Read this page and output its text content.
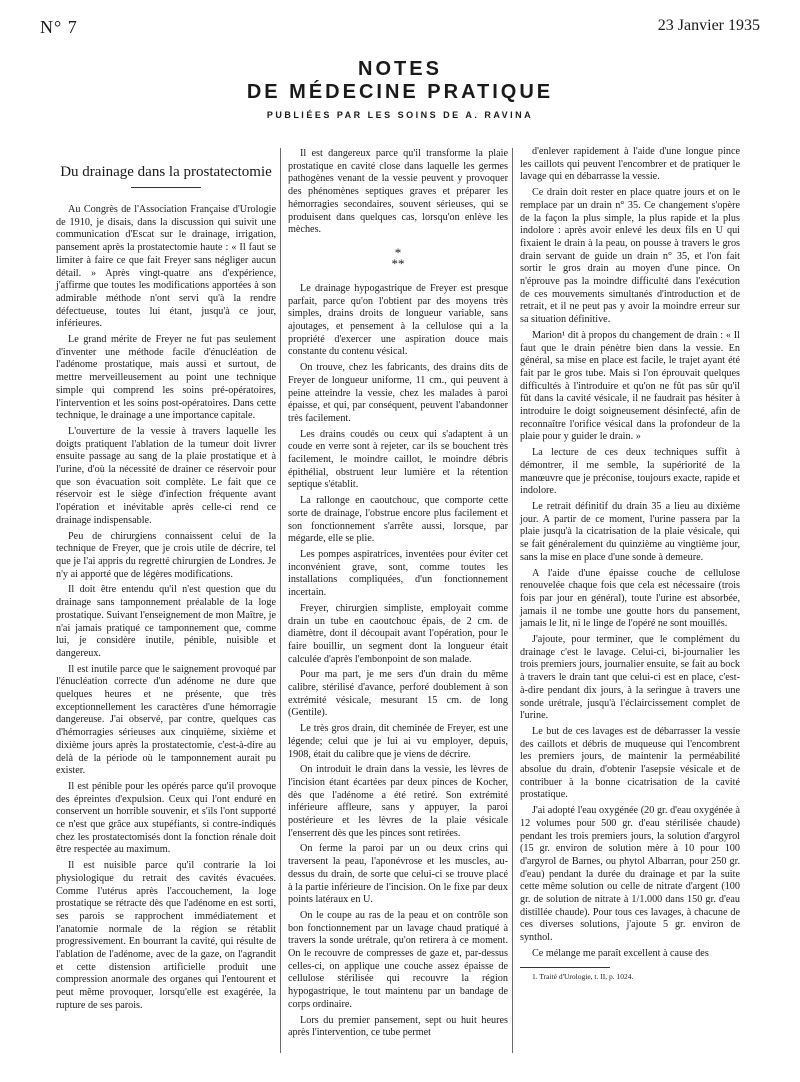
N° 7	23 Janvier 1935
NOTES
DE MÉDECINE PRATIQUE
PUBLIÉES PAR LES SOINS DE A. RAVINA
Du drainage dans la prostatectomie

Au Congrès de l'Association Française d'Urologie de 1910, je disais, dans la discussion qui suivit une communication d'Escat sur le drainage, irrigation, pansement après la prostatectomie haute : « Il faut se limiter à faire ce que fait Freyer sans négliger aucun détail. » Après vingt-quatre ans d'expérience, j'affirme que toutes les modifications apportées à son admirable méthode n'ont servi qu'à la rendre défectueuse, toutes lui étant, jusqu'à ce jour, inférieures.

Le grand mérite de Freyer ne fut pas seulement d'inventer une méthode facile d'énucléation de l'adénome prostatique, mais aussi et surtout, de mettre merveilleusement au point une technique simple qui comprend les soins pré-opératoires, l'intervention et les soins post-opératoires. Dans cette technique, le drainage a une importance capitale.

L'ouverture de la vessie à travers laquelle les doigts pratiquent l'ablation de la tumeur doit livrer ensuite passage au sang de la plaie prostatique et à l'urine, d'où la nécessité de drainer ce réservoir pour que son évacuation soit complète. Le fait que ce réservoir est le siège d'infection fréquente avant l'opération et inévitable après celle-ci rend ce drainage indispensable.

Peu de chirurgiens connaissent celui de la technique de Freyer, que je crois utile de décrire, tel que je l'ai appris du regretté chirurgien de Londres. Je n'y ai apporté que de légères modifications.

Il doit être entendu qu'il n'est question que du drainage sans tamponnement préalable de la loge prostatique. Suivant l'enseignement de mon Maître, je n'ai jamais pratiqué ce tamponnement que, comme lui, je considère inutile, pénible, nuisible et dangereux.

Il est inutile parce que le saignement provoqué par l'énucléation correcte d'un adénome ne dure que quelques heures et ne présente, que très exceptionnellement les caractères d'une hémorragie dangereuse. J'ai observé, par contre, quelques cas d'hémorragies sérieuses aux cinquième, sixième et dixième jours après la prostatectomie, c'est-à-dire au delà de la période où le tamponnement aurait pu exister.

Il est pénible pour les opérés parce qu'il provoque des épreintes d'expulsion. Ceux qui l'ont enduré en conservent un horrible souvenir, et s'ils l'ont supporté ce n'est que grâce aux stupéfiants, si contre-indiqués chez les prostatectomisés dont la fonction rénale doit être respectée au maximum.

Il est nuisible parce qu'il contrarie la loi physiologique du retrait des cavités évacuées. Comme l'utérus après l'accouchement, la loge prostatique se rétracte dès que l'adénome en est sorti, ses parois se rapprochent immédiatement et l'anatomie normale de la région se rétablit progressivement. En bourrant la cavité, qui résulte de l'ablation de l'adénome, avec de la gaze, on l'agrandit et cette distension artificielle produit une compression anormale des organes qui l'entourent et peut même provoquer, lorsqu'elle est exagérée, la rupture de ses parois.

Il est dangereux parce qu'il transforme la plaie prostatique en cavité close dans laquelle les germes pathogènes venant de la vessie peuvent y provoquer des phénomènes septiques graves et préparer les hémorragies secondaires, souvent sérieuses, qui se produisent dans quelques cas, lorsqu'on enlève les mèches.

*
**

Le drainage hypogastrique de Freyer est presque parfait, parce qu'on l'obtient par des moyens très simples, drains droits de longueur variable, sans ajoutages, et pensement à la cellulose qui a la propriété d'exercer une aspiration douce mais constante du contenu vésical.

On trouve, chez les fabricants, des drains dits de Freyer de longueur uniforme, 11 cm., qui peuvent à peine atteindre la vessie, chez les malades à paroi épaisse, et qui, par conséquent, peuvent l'abandonner très facilement.

Les drains coudés ou ceux qui s'adaptent à un coude en verre sont à rejeter, car ils se bouchent très facilement, le moindre caillot, le moindre débris épithélial, obstruent leur lumière et la rétention septique s'établit.

La rallonge en caoutchouc, que comporte cette sorte de drainage, l'obstrue encore plus facilement et son fonctionnement s'arrête aussi, lorsque, par mégarde, elle se plie.

Les pompes aspiratrices, inventées pour éviter cet inconvénient grave, sont, comme toutes les installations compliquées, d'un fonctionnement incertain.

Freyer, chirurgien simpliste, employait comme drain un tube en caoutchouc épais, de 2 cm. de diamètre, dont il découpait avant l'opération, pour le faire bouillir, un segment dont la longueur était calculée d'après l'embonpoint de son malade.

Pour ma part, je me sers d'un drain du même calibre, stérilisé d'avance, perforé doublement à son extrémité vésicale, mesurant 15 cm. de long (Gentile).

Le très gros drain, dit cheminée de Freyer, est une légende; celui que je lui ai vu employer, depuis, 1908, était du calibre que je viens de décrire.

On introduit le drain dans la vessie, les lèvres de l'incision étant écartées par deux pinces de Kocher, dès que l'adénome a été retiré. Son extrémité inférieure affleure, sans y appuyer, la paroi postérieure et les lèvres de la plaie vésicale l'enserrent dès que les pinces sont retirées.

On ferme la paroi par un ou deux crins qui traversent la peau, l'aponévrose et les muscles, au-dessus du drain, de sorte que celui-ci se trouve placé à la partie inférieure de l'incision. On le fixe par deux points latéraux en U.

On le coupe au ras de la peau et on contrôle son bon fonctionnement par un lavage chaud pratiqué à travers la sonde urétrale, qu'on retirera à ce moment. On le recouvre de compresses de gaze et, par-dessus celles-ci, on applique une couche assez épaisse de cellulose stérilisée qui recouvre la région hypogastrique, le tout maintenu par un bandage de corps ordinaire.

Lors du premier pansement, sept ou huit heures après l'intervention, ce tube permet

d'enlever rapidement à l'aide d'une longue pince les caillots qui peuvent l'encombrer et de pratiquer le lavage qui en débarrasse la vessie.

Ce drain doit rester en place quatre jours et on le remplace par un drain n° 35. Ce changement s'opère de la façon la plus simple, la plus rapide et la plus indolore : après avoir enlevé les deux fils en U qui fixaient le drain à la peau, on pousse à travers le gros drain servant de guide un drain n° 35, et l'on fait sortir le gros drain au moyen d'une pince. On n'éprouve pas la moindre difficulté dans l'exécution de ces mouvements simultanés d'introduction et de retrait, et il ne peut pas y avoir la moindre erreur sur sa situation définitive.

Marion¹ dit à propos du changement de drain : « Il faut que le drain pénètre bien dans la vessie. En général, sa mise en place est facile, le trajet ayant été fait par le gros tube. Mais si l'on éprouvait quelques difficultés à l'introduire et qu'on ne fût pas sûr qu'il fût dans la cavité vésicale, il ne faudrait pas hésiter à introduire le doigt soigneusement désinfecté, afin de reconnaître l'orifice vésical dans la profondeur de la plaie pour y guider le drain. »

La lecture de ces deux techniques suffit à démontrer, il me semble, la supériorité de la manœuvre que je préconise, toujours exacte, rapide et indolore.

Le retrait définitif du drain 35 a lieu au dixième jour. A partir de ce moment, l'urine passera par la plaie jusqu'à la cicatrisation de la plaie vésicale, qui se fait généralement du quinzième au vingtième jour, sans la mise en place d'une sonde à demeure.

A l'aide d'une épaisse couche de cellulose renouvelée chaque fois que cela est nécessaire (trois fois par jour en général), toute l'urine est absorbée, jamais il ne tombe une goutte hors du pansement, jamais le lit, ni le linge de l'opéré ne sont mouillés.

J'ajoute, pour terminer, que le complément du drainage c'est le lavage. Celui-ci, bi-journalier les trois premiers jours, journalier ensuite, se fait au bock à travers le drain tant que celui-ci est en place, c'est-à-dire pendant dix jours, à la seringue à travers une sonde urétrale, jusqu'à l'éclaircissement complet de l'urine.

Le but de ces lavages est de débarrasser la vessie des caillots et débris de muqueuse qui l'encombrent les premiers jours, de maintenir la perméabilité absolue du drain, d'obtenir l'asepsie vésicale et de contribuer à la bonne cicatrisation de la cavité prostatique.

J'ai adopté l'eau oxygénée (20 gr. d'eau oxygénée à 12 volumes pour 500 gr. d'eau stérilisée chaude) pendant les trois premiers jours, la solution d'argyrol (15 gr. environ de solution mère à 10 pour 100 d'argyrol de Barnes, ou phytol Albarran, pour 250 gr. d'eau) pendant la durée du drainage et par la suite cette même solution ou celle de nitrate d'argent (100 gr. de solution de nitrate à 1/1.000 dans 150 gr. d'eau distillée chaude). Pour tous ces lavages, à chacune de ces diverses solutions, j'ajoute 5 gr. environ de synthol.

Ce mélange me paraît excellent à cause des

1. Traité d'Urologie, t. II, p. 1024.
